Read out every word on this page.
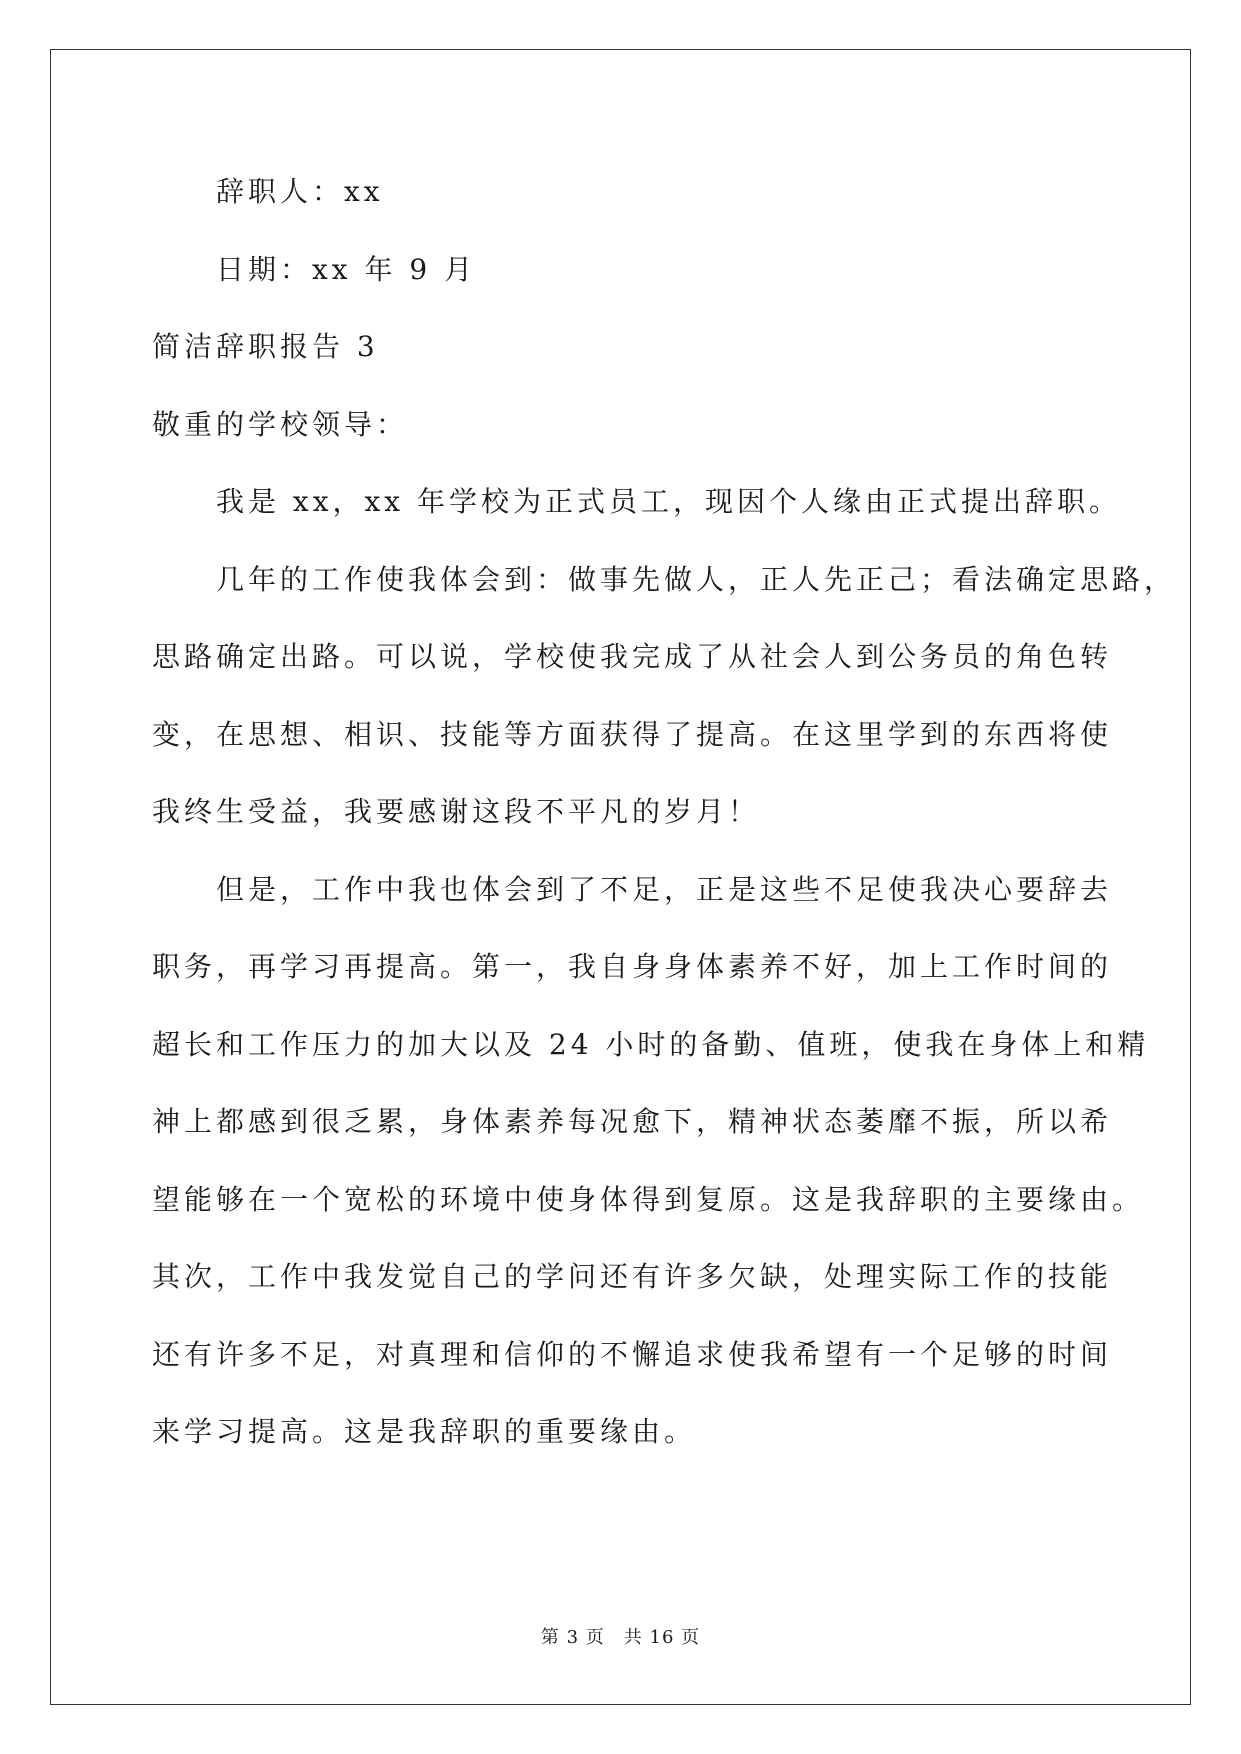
辞职人：xx
日期：xx 年 9 月
简洁辞职报告 3
敬重的学校领导：
我是 xx，xx 年学校为正式员工，现因个人缘由正式提出辞职。
几年的工作使我体会到：做事先做人，正人先正己；看法确定思路，
思路确定出路。可以说，学校使我完成了从社会人到公务员的角色转
变，在思想、相识、技能等方面获得了提高。在这里学到的东西将使
我终生受益，我要感谢这段不平凡的岁月！
但是，工作中我也体会到了不足，正是这些不足使我决心要辞去
职务，再学习再提高。第一，我自身身体素养不好，加上工作时间的
超长和工作压力的加大以及 24 小时的备勤、值班，使我在身体上和精
神上都感到很乏累，身体素养每况愈下，精神状态萎靡不振，所以希
望能够在一个宽松的环境中使身体得到复原。这是我辞职的主要缘由。
其次，工作中我发觉自己的学问还有许多欠缺，处理实际工作的技能
还有许多不足，对真理和信仰的不懈追求使我希望有一个足够的时间
来学习提高。这是我辞职的重要缘由。
第 3 页　共 16 页
